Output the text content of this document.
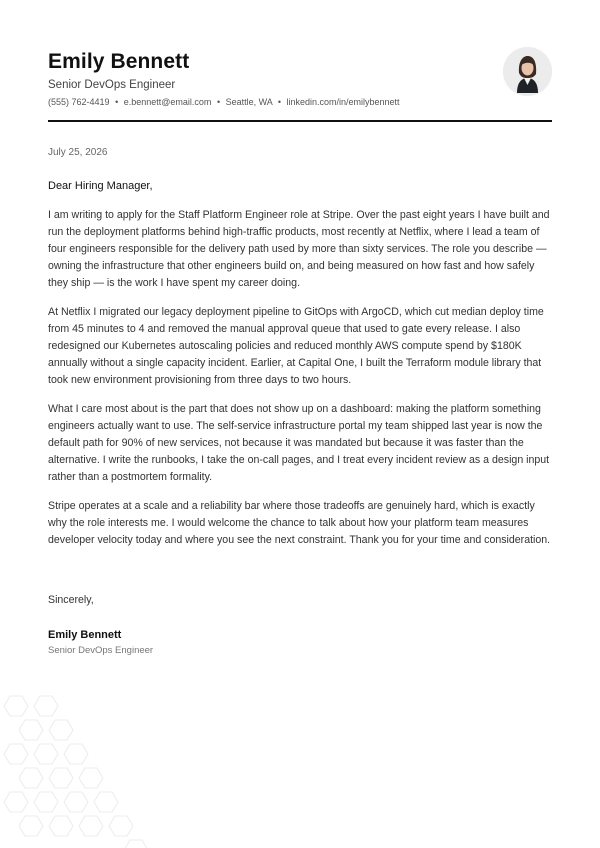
Emily Bennett
Senior DevOps Engineer
(555) 762-4419 • e.bennett@email.com • Seattle, WA • linkedin.com/in/emilybennett
July 25, 2026
Dear Hiring Manager,

I am writing to apply for the Staff Platform Engineer role at Stripe. Over the past eight years I have built and run the deployment platforms behind high-traffic products, most recently at Netflix, where I lead a team of four engineers responsible for the delivery path used by more than sixty services. The role you describe — owning the infrastructure that other engineers build on, and being measured on how fast and how safely they ship — is the work I have spent my career doing.

At Netflix I migrated our legacy deployment pipeline to GitOps with ArgoCD, which cut median deploy time from 45 minutes to 4 and removed the manual approval queue that used to gate every release. I also redesigned our Kubernetes autoscaling policies and reduced monthly AWS compute spend by $180K annually without a single capacity incident. Earlier, at Capital One, I built the Terraform module library that took new environment provisioning from three days to two hours.

What I care most about is the part that does not show up on a dashboard: making the platform something engineers actually want to use. The self-service infrastructure portal my team shipped last year is now the default path for 90% of new services, not because it was mandated but because it was faster than the alternative. I write the runbooks, I take the on-call pages, and I treat every incident review as a design input rather than a postmortem formality.

Stripe operates at a scale and a reliability bar where those tradeoffs are genuinely hard, which is exactly why the role interests me. I would welcome the chance to talk about how your platform team measures developer velocity today and where you see the next constraint. Thank you for your time and consideration.

Sincerely,
Emily Bennett
Senior DevOps Engineer
